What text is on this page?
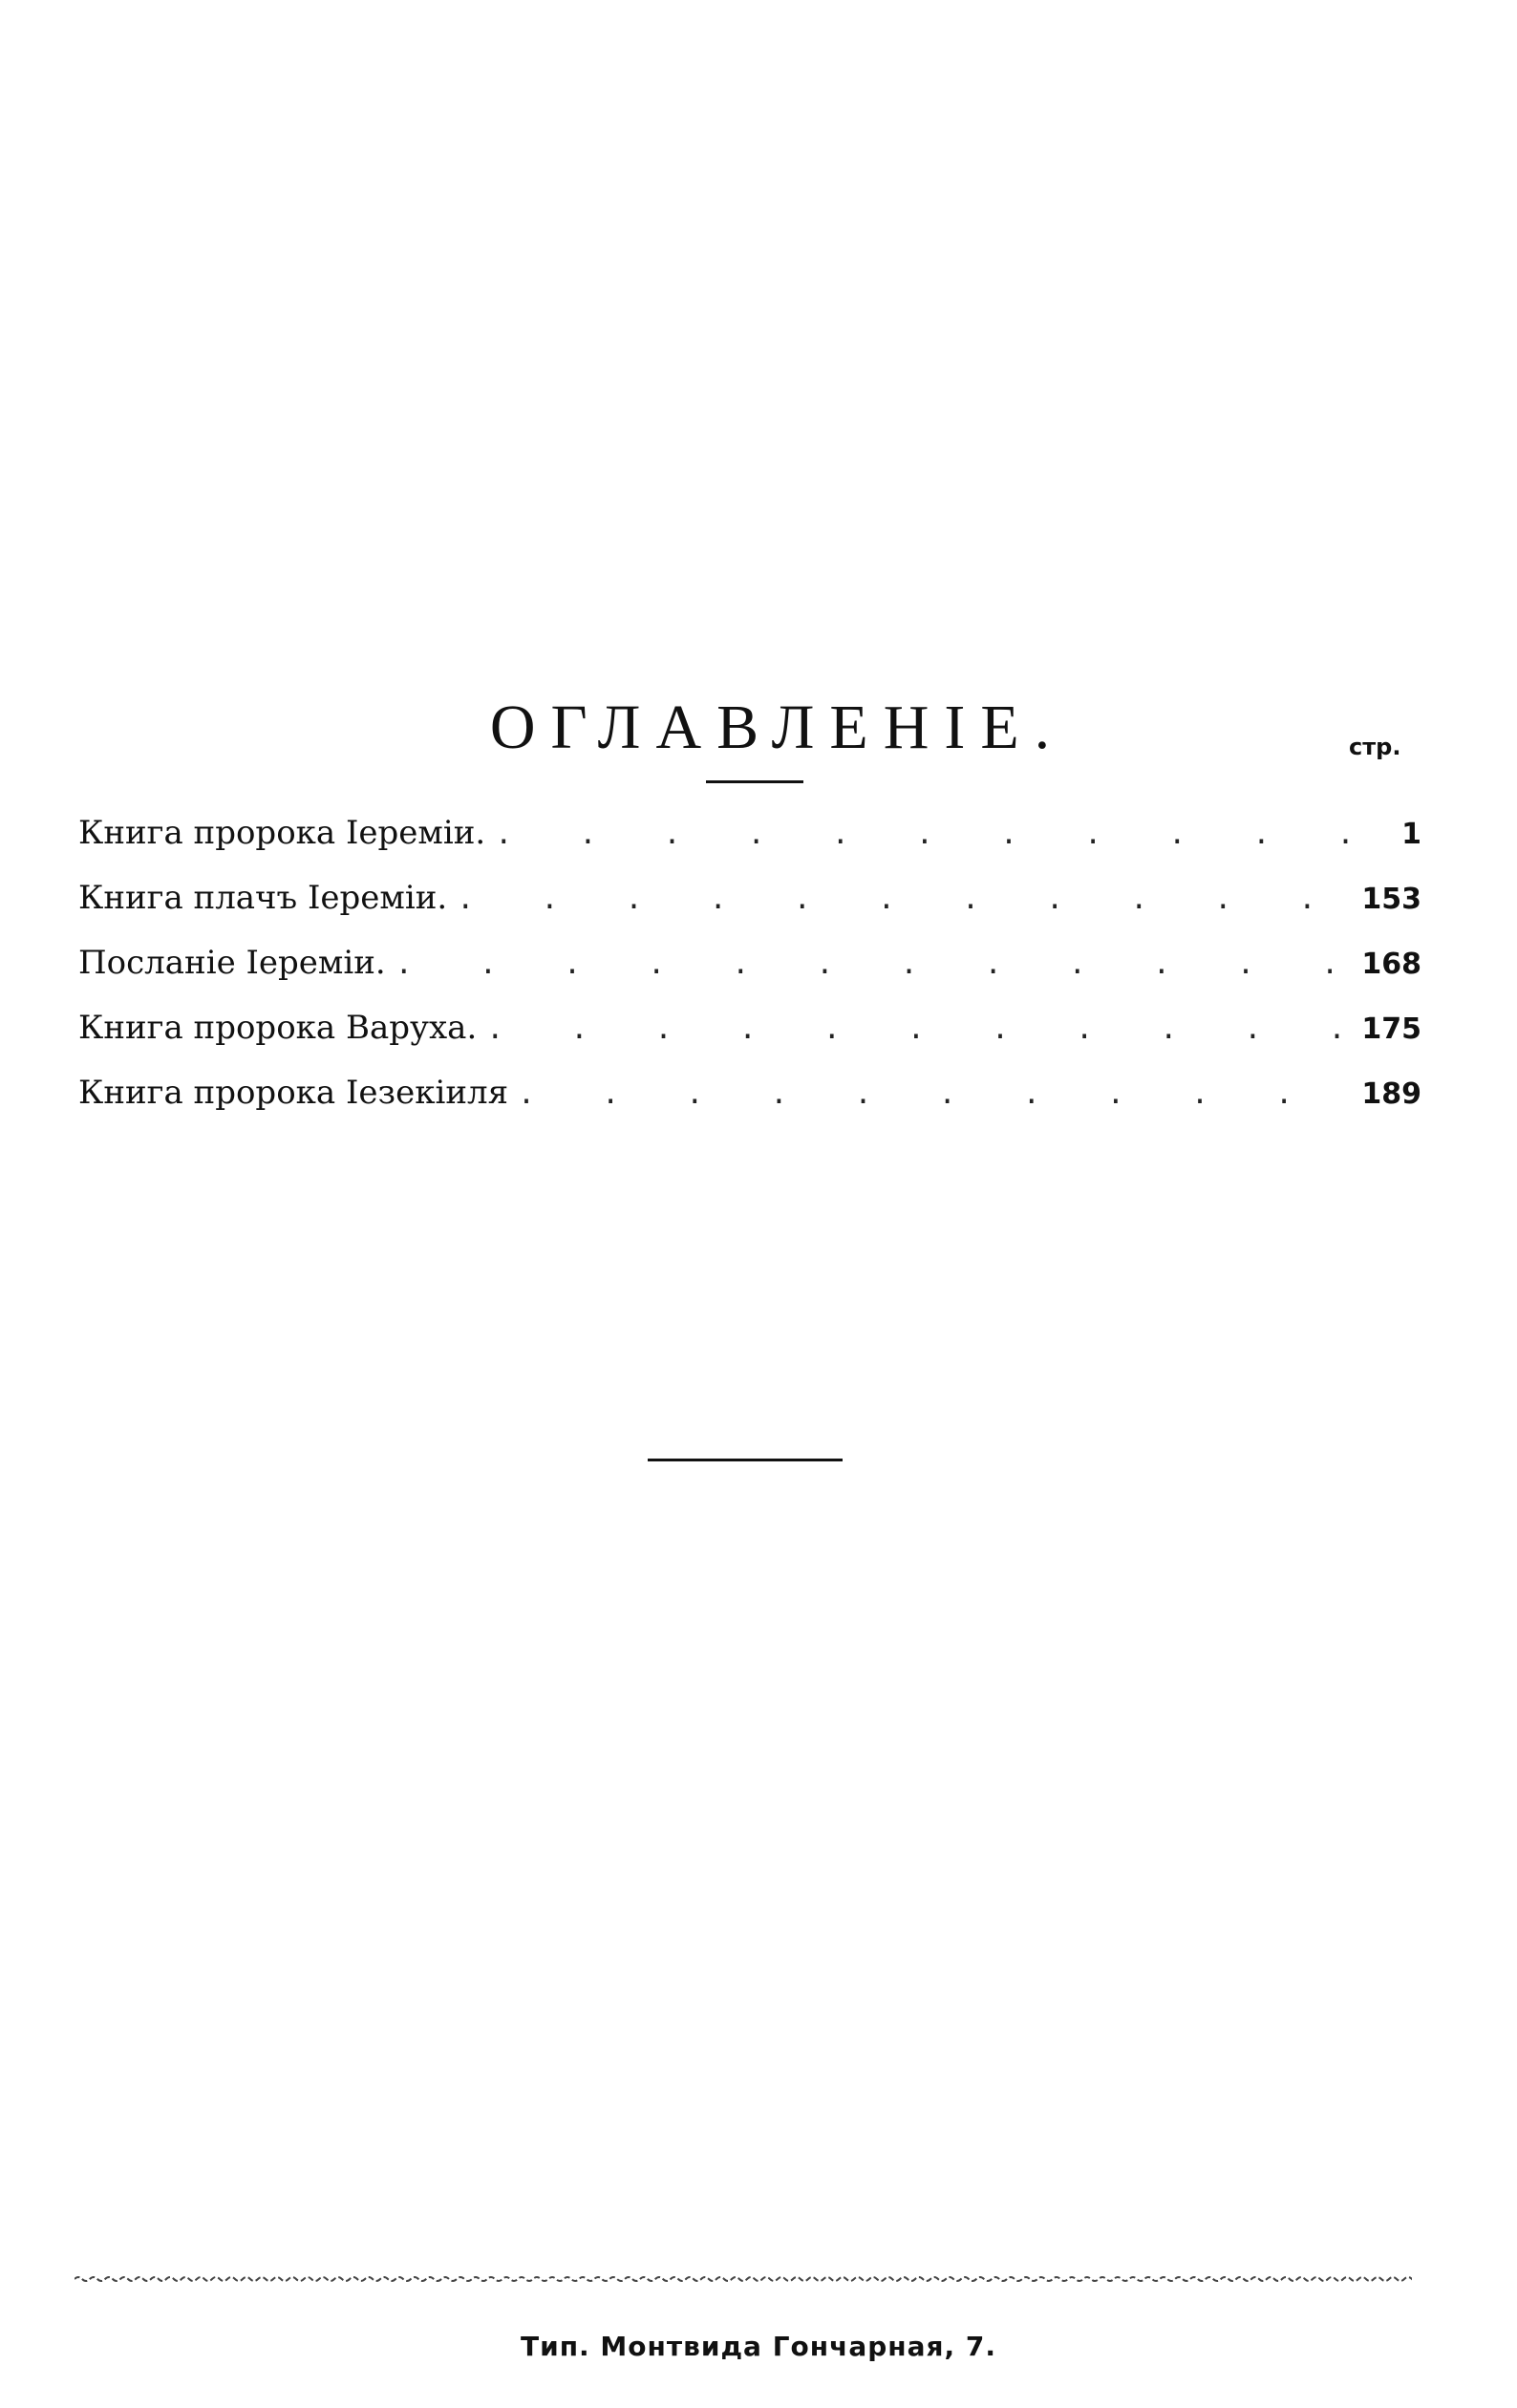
ОГЛАВЛЕНІЕ.	стр.
Книга пророка Іереміи. . . .	1
Книга плачъ Іереміи. . . .	153
Посланіе Іереміи. . . .	168
Книга пророка Варуха. . . .	175
Книга пророка Іезекіиля . . .	189
Тип. Монтвида Гончарная, 7.
